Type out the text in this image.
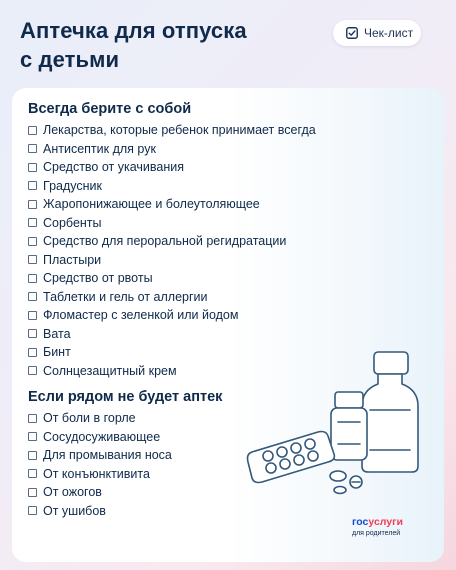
Аптечка для отпуска
с детьми
Чек-лист
Всегда берите с собой
Лекарства, которые ребенок принимает всегда
Антисептик для рук
Средство от укачивания
Градусник
Жаропонижающее и болеутоляющее
Сорбенты
Средство для пероральной регидратации
Пластыри
Средство от рвоты
Таблетки и гель от аллергии
Фломастер с зеленкой или йодом
Вата
Бинт
Солнцезащитный крем
Если рядом не будет аптек
От боли в горле
Сосудосуживающее
Для промывания носа
От конъюнктивита
От ожогов
От ушибов
госуслуги
для родителей
